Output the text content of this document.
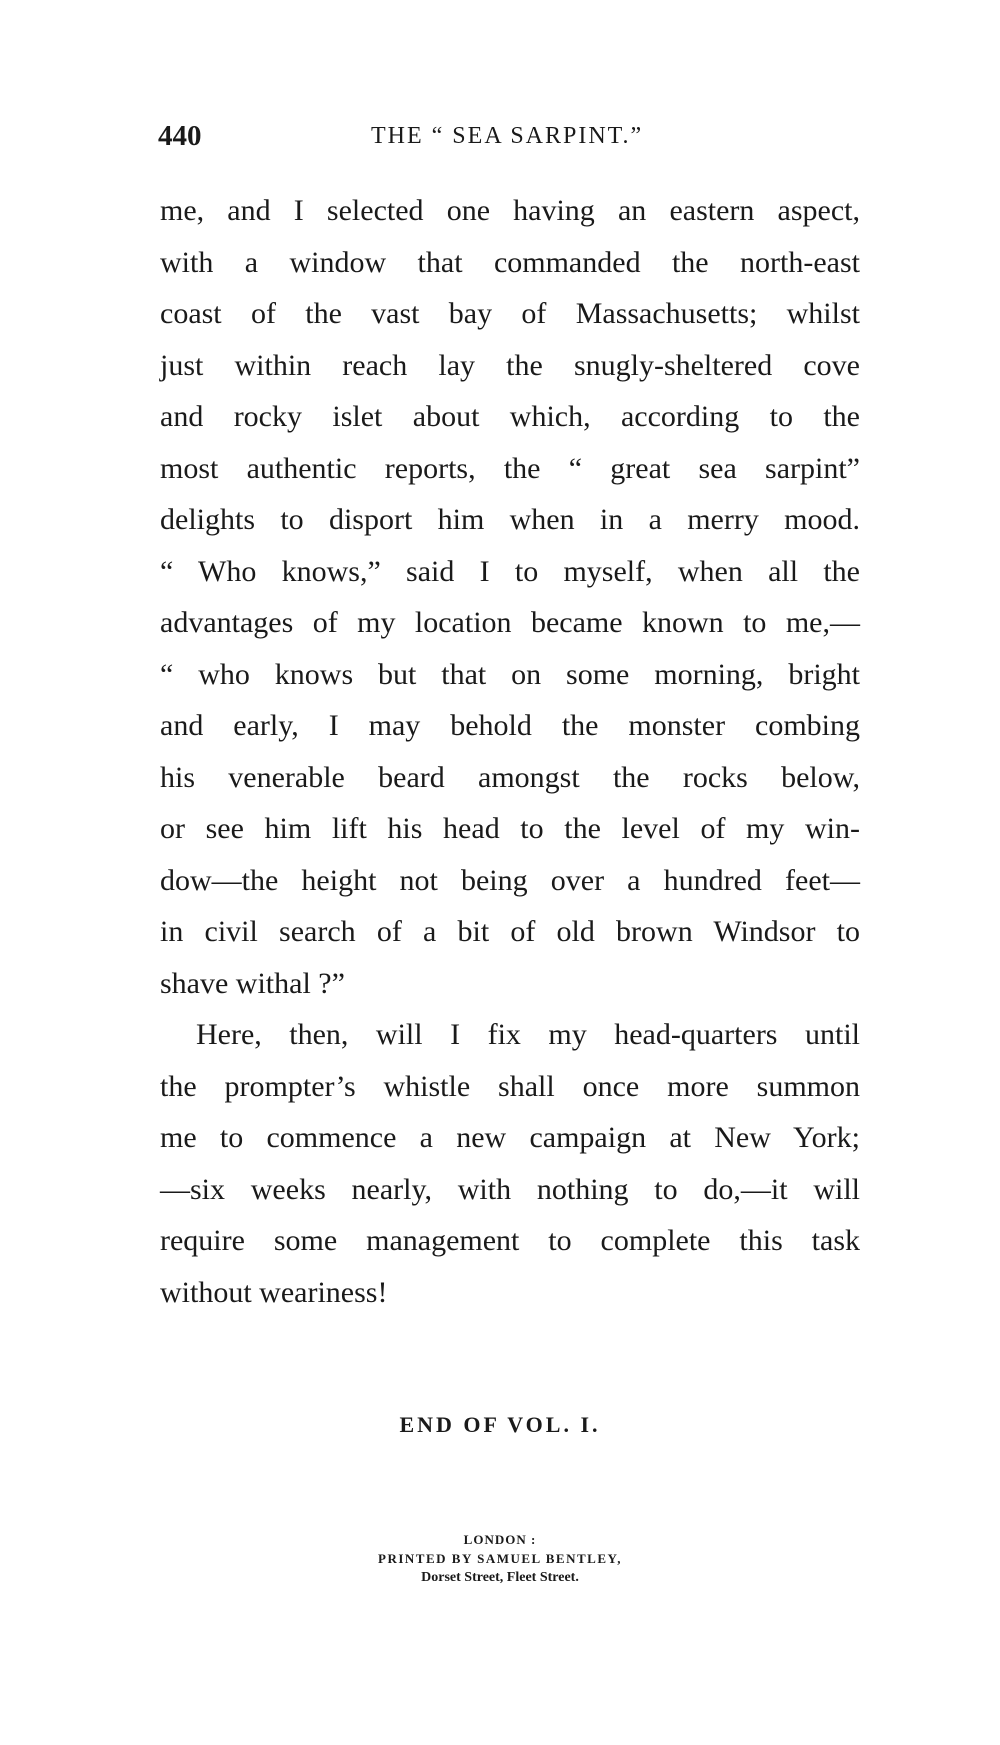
440	THE “ SEA SARPINT.”
me, and I selected one having an eastern aspect,
with a window that commanded the north-east
coast of the vast bay of Massachusetts; whilst
just within reach lay the snugly-sheltered cove
and rocky islet about which, according to the
most authentic reports, the “ great sea sarpint”
delights to disport him when in a merry mood.
“ Who knows,” said I to myself, when all the
advantages of my location became known to me,—
“ who knows but that on some morning, bright
and early, I may behold the monster combing
his venerable beard amongst the rocks below,
or see him lift his head to the level of my win-
dow—the height not being over a hundred feet—
in civil search of a bit of old brown Windsor to
shave withal ?”
Here, then, will I fix my head-quarters until
the prompter’s whistle shall once more summon
me to commence a new campaign at New York;
—six weeks nearly, with nothing to do,—it will
require some management to complete this task
without weariness!
END OF VOL. I.
LONDON :
PRINTED BY SAMUEL BENTLEY,
Dorset Street, Fleet Street.
